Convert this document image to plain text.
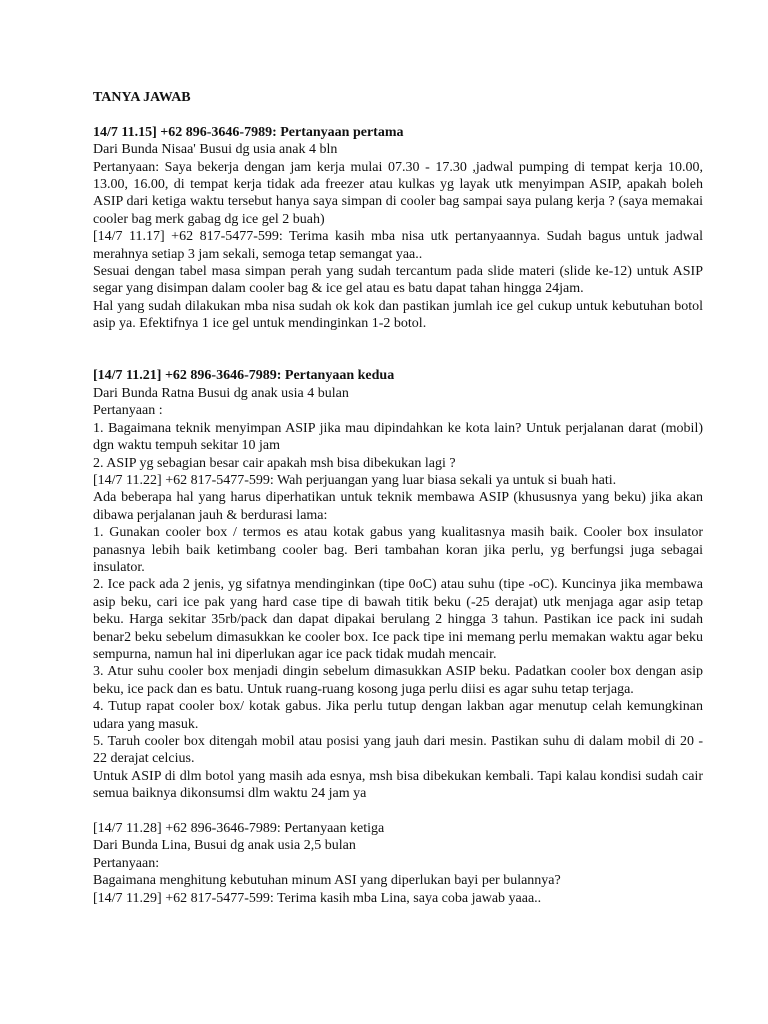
TANYA JAWAB

14/7 11.15] +62 896-3646-7989: Pertanyaan pertama

Dari Bunda Nisaa' Busui dg usia anak 4 bln

Pertanyaan: Saya bekerja dengan jam kerja mulai 07.30 - 17.30 ,jadwal pumping di tempat kerja 10.00, 13.00, 16.00, di tempat kerja tidak ada freezer atau kulkas yg layak utk menyimpan ASIP, apakah boleh ASIP dari ketiga waktu tersebut hanya saya simpan di cooler bag sampai saya pulang kerja ? (saya memakai cooler bag merk gabag dg ice gel 2 buah)

[14/7 11.17] +62 817-5477-599: Terima kasih mba nisa utk pertanyaannya. Sudah bagus untuk jadwal merahnya setiap 3 jam sekali, semoga tetap semangat yaa..

Sesuai dengan tabel masa simpan perah yang sudah tercantum pada slide materi (slide ke-12) untuk ASIP segar yang disimpan dalam cooler bag & ice gel atau es batu dapat tahan hingga 24jam.

Hal yang sudah dilakukan mba nisa sudah ok kok dan pastikan jumlah ice gel cukup untuk kebutuhan botol asip ya. Efektifnya 1 ice gel untuk mendinginkan 1-2 botol.

[14/7 11.21] +62 896-3646-7989: Pertanyaan kedua

Dari Bunda Ratna Busui dg anak usia 4 bulan

Pertanyaan :

1. Bagaimana teknik menyimpan ASIP jika mau dipindahkan ke kota lain? Untuk perjalanan darat (mobil) dgn waktu tempuh sekitar 10 jam

2. ASIP yg sebagian besar cair apakah msh bisa dibekukan lagi ?

[14/7 11.22] +62 817-5477-599: Wah perjuangan yang luar biasa sekali ya untuk si buah hati.

Ada beberapa hal yang harus diperhatikan untuk teknik membawa ASIP (khususnya yang beku) jika akan dibawa perjalanan jauh & berdurasi lama:

1. Gunakan cooler box / termos es atau kotak gabus yang kualitasnya masih baik. Cooler box insulator panasnya lebih baik ketimbang cooler bag. Beri tambahan koran jika perlu, yg berfungsi juga sebagai insulator.

2. Ice pack ada 2 jenis, yg sifatnya mendinginkan (tipe 0oC) atau suhu (tipe -oC). Kuncinya jika membawa asip beku, cari ice pak yang hard case tipe di bawah titik beku (-25 derajat) utk menjaga agar asip tetap beku. Harga sekitar 35rb/pack dan dapat dipakai berulang 2 hingga 3 tahun. Pastikan ice pack ini sudah benar2 beku sebelum dimasukkan ke cooler box. Ice pack tipe ini memang perlu memakan waktu agar beku sempurna, namun hal ini diperlukan agar ice pack tidak mudah mencair.

3. Atur suhu cooler box menjadi dingin sebelum dimasukkan ASIP beku. Padatkan cooler box dengan asip beku, ice pack dan es batu. Untuk ruang-ruang kosong juga perlu diisi es agar suhu tetap terjaga.

4. Tutup rapat cooler box/ kotak gabus. Jika perlu tutup dengan lakban agar menutup celah kemungkinan udara yang masuk.

5. Taruh cooler box ditengah mobil atau posisi yang jauh dari mesin. Pastikan suhu di dalam mobil di 20 - 22 derajat celcius.

Untuk ASIP di dlm botol yang masih ada esnya, msh bisa dibekukan kembali. Tapi kalau kondisi sudah cair semua baiknya dikonsumsi dlm waktu 24 jam ya

[14/7 11.28] +62 896-3646-7989: Pertanyaan ketiga

Dari Bunda Lina, Busui dg anak usia 2,5 bulan

Pertanyaan:

Bagaimana menghitung kebutuhan minum ASI yang diperlukan bayi per bulannya?

[14/7 11.29] +62 817-5477-599: Terima kasih mba Lina, saya coba jawab yaaa..
